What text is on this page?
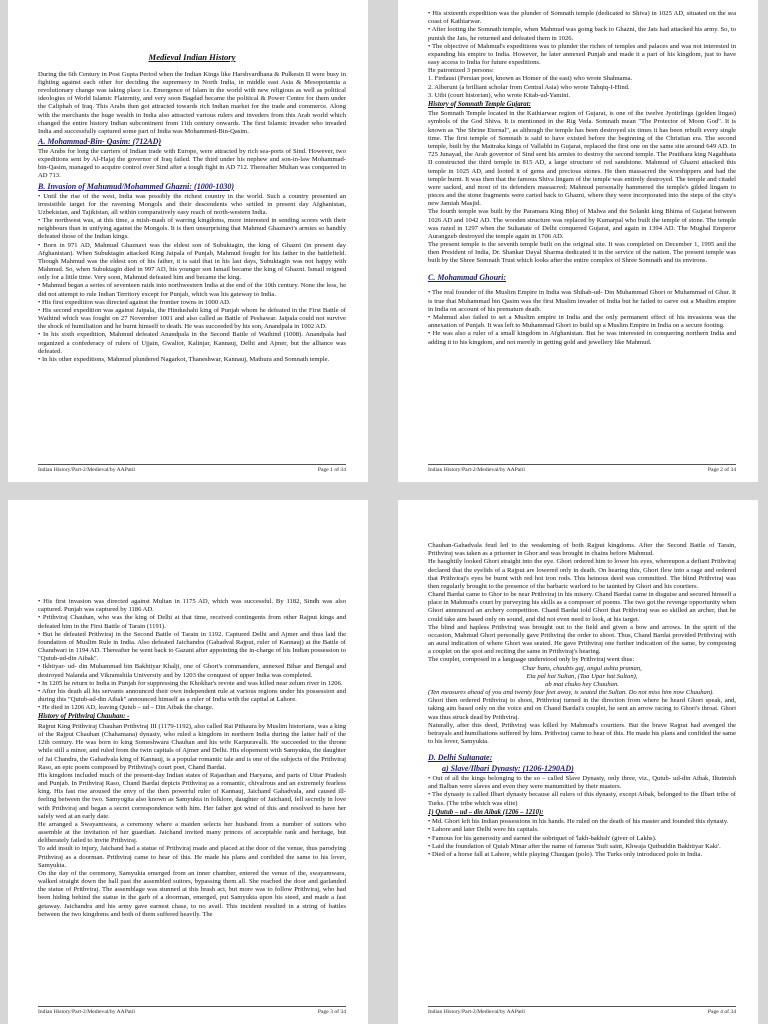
Medieval Indian History

During the 6th Century in Post Gupta Period when the Indian Kings like Harshvardhana & Pulkesin II were busy in fighting against each other for deciding the supremecy in North India, in middle east Asia & Mesopotamia a revolutionary change was taking place i.e. Emergence of Islam in the world with new religious as well as political ideologies of World Islamic Flaternity, and very soon Bagdad became the political & Power Centre for them under the Caliphah of Iraq. This Arabs then got attracted towards rich Indian market for the trade and commerce. Along with the merchants the huge wealth in India also attracted various rulers and inveders from this Arab world which changed the entire history Indian subcontinent from 11th century onwards. The first Islamic invader who invaded India and successfully captured some part of India was Mohammed-Bin-Qasim.

A. Mohammad-Bin- Qasim: (712AD)

The Arabs for long the carriers of Indian trade with Europe, were attracted by rich sea-ports of Sind. However, two expeditions sent by Al-Hajaj the governor of Iraq failed. The third under his nephew and son-in-law Mohammad-bin-Qasim, managed to acquire control over Sind after a tough fight in AD 712. Thereafter Multan was conquered in AD 713.

B. Invasion of Mahumud/Mohammed Ghazni: (1000-1030)

• Until the rise of the west, India was possibly the richest country in the world. Such a country presented an irresistible target for the ravening Mongols and their descendents who settled in present day Afghanistan, Uzbekistan, and Tajikistan, all within comparatively easy reach of north-western India.

• The northwest was, at this time, a mish-mash of warring kingdoms, more interested in sending scores with their neighbours than in unifying against the Mongols. It is then unsurprising that Mahmud Ghaznavi's armies so handily defeated those of the Indian kings.

• Born in 971 AD, Mahmud Ghaznavi was the eldest son of Subuktagin, the king of Ghazni (in present day Afghanistan). When Subuktagin attacked King Jaipala of Punjab, Mahmud fought for his father in the battlefield. Though Mahmud was the eldest son of his father, it is said that in his last days, Subuktagin was not happy with Mahmud. So, when Subuktagin died in 997 AD, his younger son Ismail became the king of Ghazni. Ismail reigned only for a little time. Very soon, Mahmud defeated him and became the king.

• Mahmud began a series of seventeen raids into northwestern India at the end of the 10th century. None the less, he did not attempt to rule Indian Territory except for Punjab, which was his gateway to India.

• His first expedition was directed against the frontier towns in 1000 AD.

• His second expedition was against Jaipala, the Hindushahi king of Punjab whom he defeated in the First Battle of Waihind which was fought on 27 November 1001 and also called as Battle of Peshawar. Jaipala could not survive the shock of humiliation and he burnt himself to death. He was succeeded by his son, Anandpala in 1002 AD.

• In his sixth expedition, Mahmud defeated Anandpala in the Second Battle of Waihind (1008). Anandpala had organized a confederacy of rulers of Ujjain, Gwalior, Kalinjar, Kannauj, Delhi and Ajmer, but the alliance was defeated.

• In his other expeditions, Mahmud plundered Nagarkot, Thaneshwar, Kannauj, Mathura and Somnath temple.

Indian History/Part-2/Medieval/by AAPatil	Page 1 of 34

• His sixteenth expedition was the plunder of Somnath temple (dedicated to Shiva) in 1025 AD, situated on the sea coast of Kathiarwar.

• After looting the Somnath temple, when Mahmud was going back to Ghazni, the Jats had attacked his army. So, to punish the Jats, he returned and defeated them in 1026.

• The objective of Mahmud's expeditions was to plunder the riches of temples and palaces and was not interested in expanding his empire to India. However, he later annexed Punjab and made it a part of his kingdom, just to have easy access to India for future expeditions.

He patronized 3 persons:

1. Firdausi (Persian poet, known as Homer of the east) who wrote Shahnama.

2. Alberuni (a brilliant scholar from Central Asia) who wrote Tahqiq-I-Hind.

3. Utbi (court historian), who wrote Kitab-ud-Yamini.

History of Somnath Temple Gujarat:

The Somnath Temple located in the Kathiarwar region of Gujarat, is one of the twelve Jyotirlings (golden lingas) symbols of the God Shiva. It is mentioned in the Rig Veda. Somnath mean "The Protector of Moon God". It is known as "the Shrine Eternal", as although the temple has been destroyed six times it has been rebuilt every single time. The first temple of Somnath is said to have existed before the beginning of the Christian era. The second temple, built by the Maitraka kings of Vallabhi in Gujarat, replaced the first one on the same site around 649 AD. In 725 Junayad, the Arab governor of Sind sent his armies to destroy the second temple. The Pratihara king Nagabhata II constructed the third temple in 815 AD, a large structure of red sandstone. Mahmud of Ghazni attacked this temple in 1025 AD, and looted it of gems and precious stones. He then massacred the worshippers and had the temple burnt. It was then that the famous Shiva lingam of the temple was entirely destroyed. The temple and citadel were sacked, and most of its defenders massacred; Mahmud personally hammered the temple's gilded lingam to pieces and the stone fragments were carted back to Ghazni, where they were incorporated into the steps of the city's new Jamiah Masjid.

The fourth temple was built by the Paramara King Bhoj of Malwa and the Solanki king Bhima of Gujarat between 1026 AD and 1042 AD. The wooden structure was replaced by Kumarpal who built the temple of stone. The temple was razed in 1297 when the Sultanate of Delhi conquered Gujarat, and again in 1394 AD. The Mughal Emperor Aurangzeb destroyed the temple again in 1706 AD.

The present temple is the seventh temple built on the original site. It was completed on December 1, 1995 and the then President of India, Dr. Shankar Dayal Sharma dedicated it in the service of the nation. The present temple was built by the Shree Somnath Trust which looks after the entire complex of Shree Somnath and its environs.

C. Mohammad Ghouri:

• The real founder of the Muslim Empire in India was Shihab-ud- Din Muhammad Ghori or Muhammad of Ghur. It is true that Muhammad bin Qasim was the first Muslim invader of India but he failed to carve out a Muslim empire in India on account of his premature death.

• Mahmud also failed to set a Muslim empire in India and the only permanent effect of his invasions was the annexation of Punjab. It was left to Muhammad Ghori to build up a Muslim Empire in India on a secure footing.

• He was also a ruler of a small kingdom in Afghanistan. But he was interested in conquering northern India and adding it to his kingdom, and not merely in getting gold and jewellery like Mahmud.

Indian History/Part-2/Medieval/by AAPatil	Page 2 of 34

• His first invasion was directed against Multan in 1175 AD, which was successful. By 1182, Sindh was also captured. Punjab was captured by 1186 AD.

• Prithviraj Chauhan, who was the king of Delhi at that time, received contingents from other Rajput kings and defeated him in the First Battle of Tarain (1191).

• But he defeated Prithviraj in the Second Battle of Tarain in 1192. Captured Delhi and Ajmer and thus laid the foundation of Muslim Rule in India. Also defeated Jaichandra (Gahadval Rajput, ruler of Kannauj) at the Battle of Chandwari in 1194 AD. Thereafter he went back to Gazani after appointing the in-charge of his Indian possession to "Qutub-ud-din Aibak".

• Ikhtiyar- ud- din Muhammad bin Bakhtiyar Khalji, one of Ghori's commanders, annexed Bihar and Bengal and destroyed Nalanda and Vikramshila University and by 1203 the conquest of upper India was completed.

• In 1205 he return to India in Punjab for suppressing the Khokhar's revote and was killed near zelum river in 1206.

• After his death all his servants announced their own independent rule at various regions under his possession and during this "Qutub-ad-din Aibak" announced himself as a ruler of India with the capital at Lahore.

• He died in 1206 AD, leaving Qutub – ud – Din Aibak the charge.

History of Prithviraj Chauhan: -

Rajput King Prithviraj Chauhan Prithviraj III (1179-1192), also called Rai Pithaura by Muslim historians, was a king of the Rajput Chauhan (Chahamana) dynasty, who ruled a kingdom in northern India during the latter half of the 12th century. He was born to king Someshwara Chauhan and his wife Karpuravalli. He succeeded to the throne while still a minor, and ruled from the twin capitals of Ajmer and Delhi. His elopement with Samyukta, the daughter of Jai Chandra, the Gahadvala king of Kannauj, is a popular romantic tale and is one of the subjects of the Prithviraj Raso, an epic poem composed by Prithviraj's court poet, Chand Bardai.

His kingdom included much of the present-day Indian states of Rajasthan and Haryana, and parts of Uttar Pradesh and Punjab. In Prithviraj Raso, Chand Bardai depicts Prithviraj as a romantic, chivalrous and an extremely fearless king. His fast rise aroused the envy of the then powerful ruler of Kannauj, Jaichand Gahadvala, and caused ill-feeling between the two. Samyogita also known as Samyukta in folklore, daughter of Jaichand, fell secretly in love with Prithviraj and began a secret correspondence with him. Her father got wind of this and resolved to have her safely wed at an early date.

He arranged a Swayamwara, a ceremony where a maiden selects her husband from a number of suitors who assemble at the invitation of her guardian. Jaichand invited many princes of acceptable rank and heritage, but deliberately failed to invite Prithviraj.

To add insult to injury, Jaichand had a statue of Prithviraj made and placed at the door of the venue, thus parodying Prithviraj as a doorman. Prithviraj came to hear of this. He made his plans and confided the same to his lover, Samyukta.

On the day of the ceremony, Samyukta emerged from an inner chamber, entered the venue of the, swayamwara, walked straight down the hall past the assembled suitors, bypassing them all. She reached the door and garlanded the statue of Prithviraj. The assemblage was stunned at this brash act, but more was to follow Prithviraj, who had been hiding behind the statue in the garb of a doorman, emerged, put Samyukta upon his steed, and made a fast getaway. Jaichandra and his army gave earnest chase, to no avail. This incident resulted in a string of battles between the two kingdoms and both of them suffered heavily. The

Indian History/Part-2/Medieval/by AAPatil	Page 3 of 34

Chauhan-Gahadvala feud led to the weakening of both Rajput kingdoms. After the Second Battle of Tarain, Prithviraj was taken as a prisoner in Ghor and was brought in chains before Mahmud.

He haughtily looked Ghori straight into the eye. Ghori ordered him to lower his eyes, whereupon a defiant Prithviraj declared that the eyelids of a Rajput are lowered only in death. On hearing this, Ghori flew into a rage and ordered that Prithviraj's eyes be burnt with red hot iron rods. This heinous deed was committed. The blind Prithviraj was then regularly brought to the presence of the barbaric warlord to be taunted by Ghori and his courtiers.

Chand Bardai came to Ghor to be near Prithviraj in his misery. Chand Bardai came in disguise and secured himself a place in Mahmud's court by purveying his skills as a composer of poems. The two got the revenge opportunity when Ghori announced an archery competition. Chand Bardai told Ghori that Prithviraj was so skilled an archer, that he could take aim based only on sound, and did not even need to look, at his target.

The blind and hapless Prithviraj was brought out to the field and given a bow and arrows. In the spirit of the occasion, Mahmud Ghori personally gave Prithviraj the order to shoot. Thus, Chand Bardai provided Prithviraj with an aural indication of where Ghori was seated. He gave Prithviraj one further indication of the same, by composing a couplet on the spot and reciting the same in Prithviraj's hearing.

The couplet, composed in a language understood only by Prithviraj went thus:

Char bans, chaubis gaj, angul ashta praman,

Eta pal hai Sultan, (Taa Upar hat Sultan),

ab mat chuko hey Chauhan.

(Ten measures ahead of you and twenty four feet away, is seated the Sultan. Do not miss him now Chauhan).

Ghori then ordered Prithviraj to shoot, Prithviraj turned in the direction from where he heard Ghori speak, and, taking aim based only on the voice and on Chand Bardai's couplet, he sent an arrow racing to Ghori's throat. Ghori was thus struck dead by Prithviraj.

Naturally, after this deed, Prithviraj was killed by Mahmud's courtiers. But the brave Rajput had avenged the betrayals and humiliations suffered by him. Prithviraj came to hear of this. He made his plans and confided the same to his lover, Samyukta.

D. Delhi Sultanate:

a) Slave/Ilbari Dynasty: (1206-1290AD)

• Out of all the kings belonging to the so – called Slave Dynasty, only three, viz., Qutub- ud-din Aibak, Iltutmish and Balban were slaves and even they were manumitted by their masters.

• The dynasty is called Ilbari dynasty because all rulers of this dynasty, except Aibak, belonged to the Ilbari tribe of Turks. (The tribe which was elite)

1) Qutub – ud – din Aibak (1206 – 1210):

• Md. Ghori left his Indian possessions in his hands. He ruled on the death of his master and founded this dynasty.

• Lahore and later Delhi were his capitals.

• Famous for his generosity and earned the sobriquet of 'lakh-bakhsh' (giver of Lakhs).

• Laid the foundation of Qutab Minar after the name of famous 'Sufi saint, Khwaja Qutbuddin Bakhtiyar Kaki'.

• Died of a horse fall at Lahore, while playing Chaugan (polo). The Turks only introduced polo in India.

Indian History/Part-2/Medieval/by AAPatil	Page 4 of 34
